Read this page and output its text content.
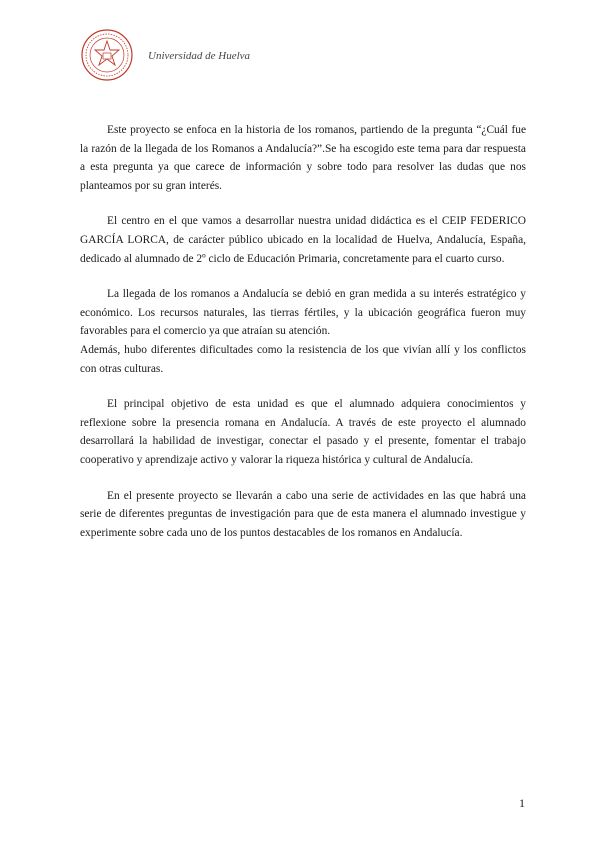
Universidad de Huelva

Este proyecto se enfoca en la historia de los romanos, partiendo de la pregunta “¿Cuál fue la razón de la llegada de los Romanos a Andalucía?”.Se ha escogido este tema para dar respuesta a esta pregunta ya que carece de información y sobre todo para resolver las dudas que nos planteamos por su gran interés.

El centro en el que vamos a desarrollar nuestra unidad didáctica es el CEIP FEDERICO GARCÍA LORCA, de carácter público ubicado en la localidad de Huelva, Andalucía, España, dedicado al alumnado de 2º ciclo de Educación Primaria, concretamente para el cuarto curso.

La llegada de los romanos a Andalucía se debió en gran medida a su interés estratégico y económico. Los recursos naturales, las tierras fértiles, y la ubicación geográfica fueron muy favorables para el comercio ya que atraían su atención.

Además, hubo diferentes dificultades como la resistencia de los que vivían allí y los conflictos con otras culturas.

El principal objetivo de esta unidad es que el alumnado adquiera conocimientos y reflexione sobre la presencia romana en Andalucía. A través de este proyecto el alumnado desarrollará la habilidad de investigar, conectar el pasado y el presente, fomentar el trabajo cooperativo y aprendizaje activo y valorar la riqueza histórica y cultural de Andalucía.

En el presente proyecto se llevarán a cabo una serie de actividades en las que habrá una serie de diferentes preguntas de investigación para que de esta manera el alumnado investigue y experimente sobre cada uno de los puntos destacables de los romanos en Andalucía.

1
